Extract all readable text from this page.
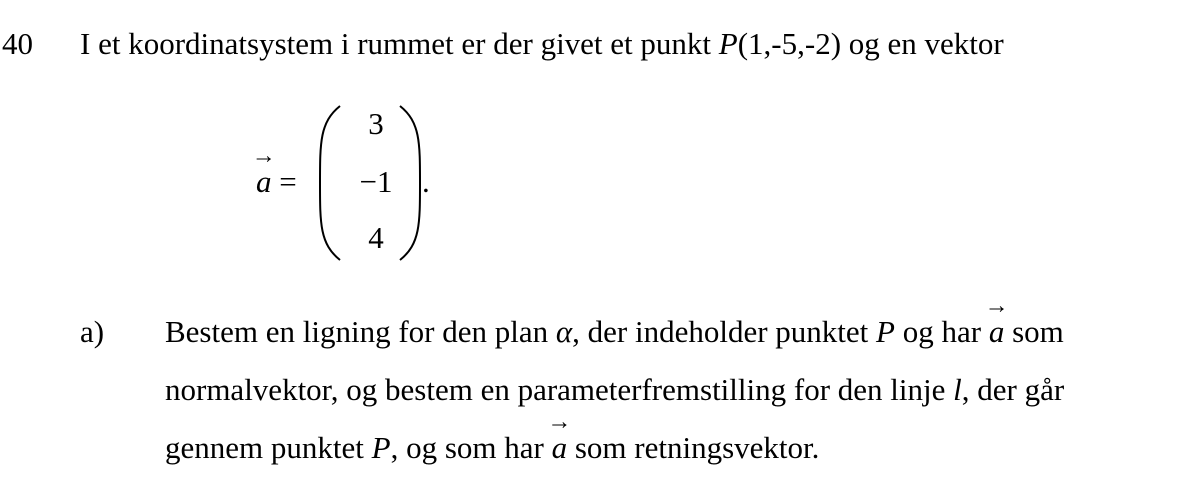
40 I et koordinatsystem i rummet er der givet et punkt P(1,-5,-2) og en vektor
→
a =
3
−1
4
.
a) Bestem en ligning for den plan α, der indeholder punktet P og har
→
a som
normalvektor, og bestem en parameterfremstilling for den linje l, der går
gennem punktet P, og som har
→
a som retningsvektor.
